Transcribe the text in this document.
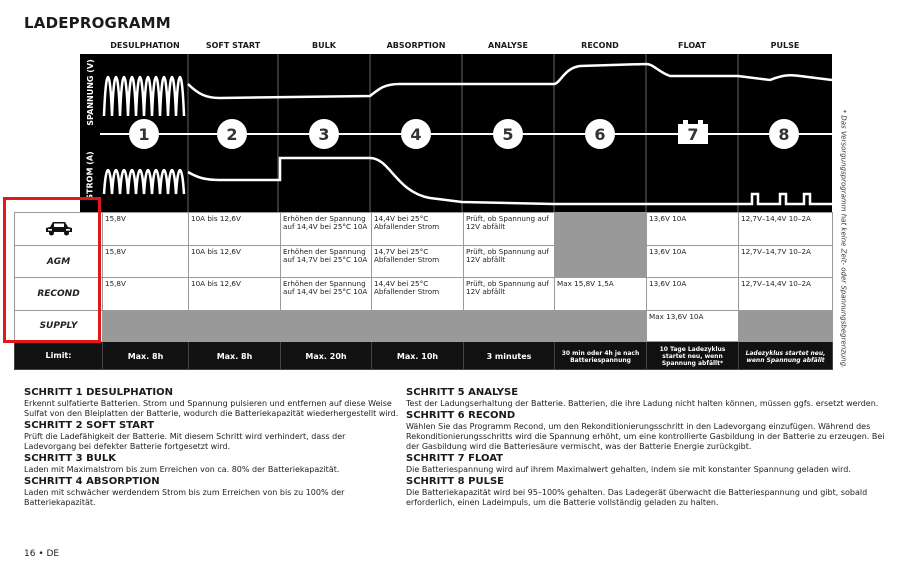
LADEPROGRAMM
DESULPHATION	SOFT START	BULK	ABSORPTION	ANALYSE	RECOND	FLOAT	PULSE
1	2	3	4	5	6	7	8
SPANNUNG (V)
STROM (A)	* Das Versorgungsprogramm hat keine Zeit- oder Spannungsbegrenzung.
	15,8V	10A bis 12,6V	Erhöhen der Spannung auf 14,4V bei 25°C 10A	14,4V bei 25°C Abfallender Strom	Prüft, ob Spannung auf 12V abfällt		13,6V 10A	12,7V–14,4V 10–2A
AGM	15,8V	10A bis 12,6V	Erhöhen der Spannung auf 14,7V bei 25°C 10A	14,7V bei 25°C Abfallender Strom	Prüft, ob Spannung auf 12V abfällt		13,6V 10A	12,7V–14,7V 10–2A
RECOND	15,8V	10A bis 12,6V	Erhöhen der Spannung auf 14,4V bei 25°C 10A	14,4V bei 25°C Abfallender Strom	Prüft, ob Spannung auf 12V abfällt	Max 15,8V 1,5A	13,6V 10A	12,7V–14,4V 10–2A
SUPPLY							Max 13,6V 10A	
Limit:	Max. 8h	Max. 8h	Max. 20h	Max. 10h	3 minutes	30 min oder 4h je nach Batteriespannung	10 Tage Ladezyklus startet neu, wenn Spannung abfällt*	Ladezyklus startet neu, wenn Spannung abfällt
SCHRITT 1 DESULPHATION
Erkennt sulfatierte Batterien. Strom und Spannung pulsieren und entfernen auf diese Weise Sulfat von den Bleiplatten der Batterie, wodurch die Batteriekapazität wiederhergestellt wird.
SCHRITT 2 SOFT START
Prüft die Ladefähigkeit der Batterie. Mit diesem Schritt wird verhindert, dass der Ladevorgang bei defekter Batterie fortgesetzt wird.
SCHRITT 3 BULK
Laden mit Maximalstrom bis zum Erreichen von ca. 80% der Batteriekapazität.
SCHRITT 4 ABSORPTION
Laden mit schwächer werdendem Strom bis zum Erreichen von bis zu 100% der Batteriekapazität.
SCHRITT 5 ANALYSE
Test der Ladungserhaltung der Batterie. Batterien, die ihre Ladung nicht halten können, müssen ggfs. ersetzt werden.
SCHRITT 6 RECOND
Wählen Sie das Programm Recond, um den Rekonditionierungsschritt in den Ladevorgang einzufügen. Während des Rekonditionierungsschritts wird die Spannung erhöht, um eine kontrollierte Gasbildung in der Batterie zu erzeugen. Bei der Gasbildung wird die Batteriesäure vermischt, was der Batterie Energie zurückgibt.
SCHRITT 7 FLOAT
Die Batteriespannung wird auf ihrem Maximalwert gehalten, indem sie mit konstanter Spannung geladen wird.
SCHRITT 8 PULSE
Die Batteriekapazität wird bei 95–100% gehalten. Das Ladegerät überwacht die Batteriespannung und gibt, sobald erforderlich, einen Ladeimpuls, um die Batterie vollständig geladen zu halten.
16 • DE
